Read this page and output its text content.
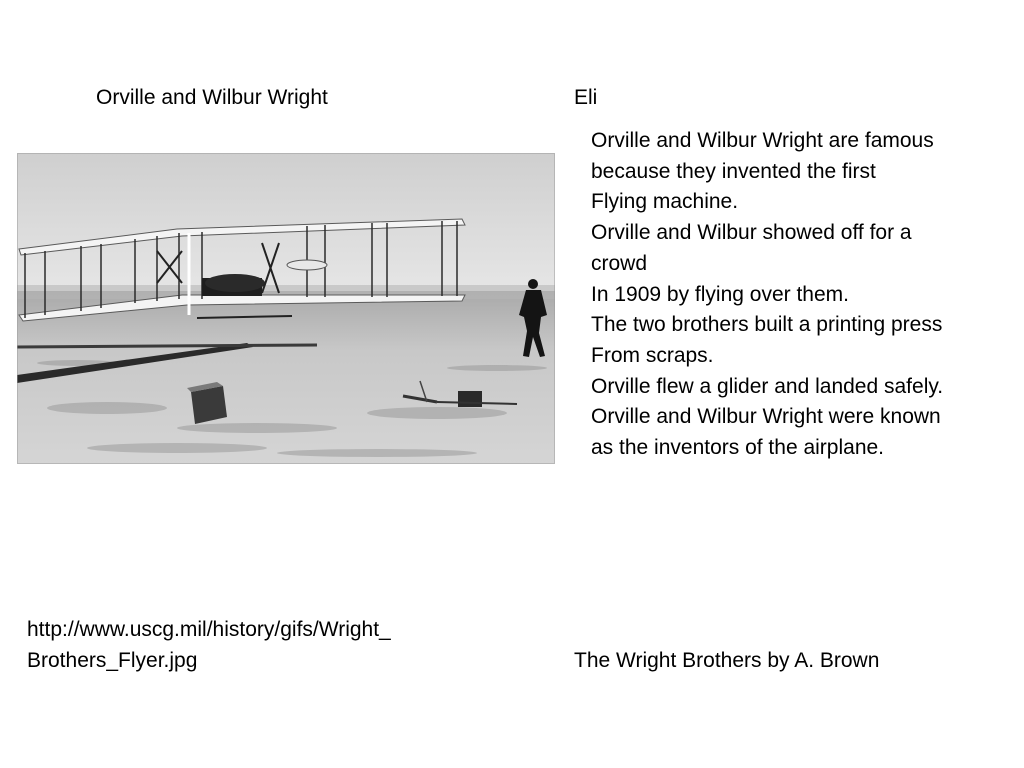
Orville and Wilbur Wright	Eli
Orville and Wilbur Wright are famous
because they invented the first
Flying machine.
Orville and Wilbur showed off for a
crowd
In 1909 by flying over them.
The two brothers built a printing press
From scraps.
Orville flew a glider and landed safely.
Orville and Wilbur Wright were known
as the inventors of the airplane.
http://www.uscg.mil/history/gifs/Wright_
Brothers_Flyer.jpg	The Wright Brothers by A. Brown
